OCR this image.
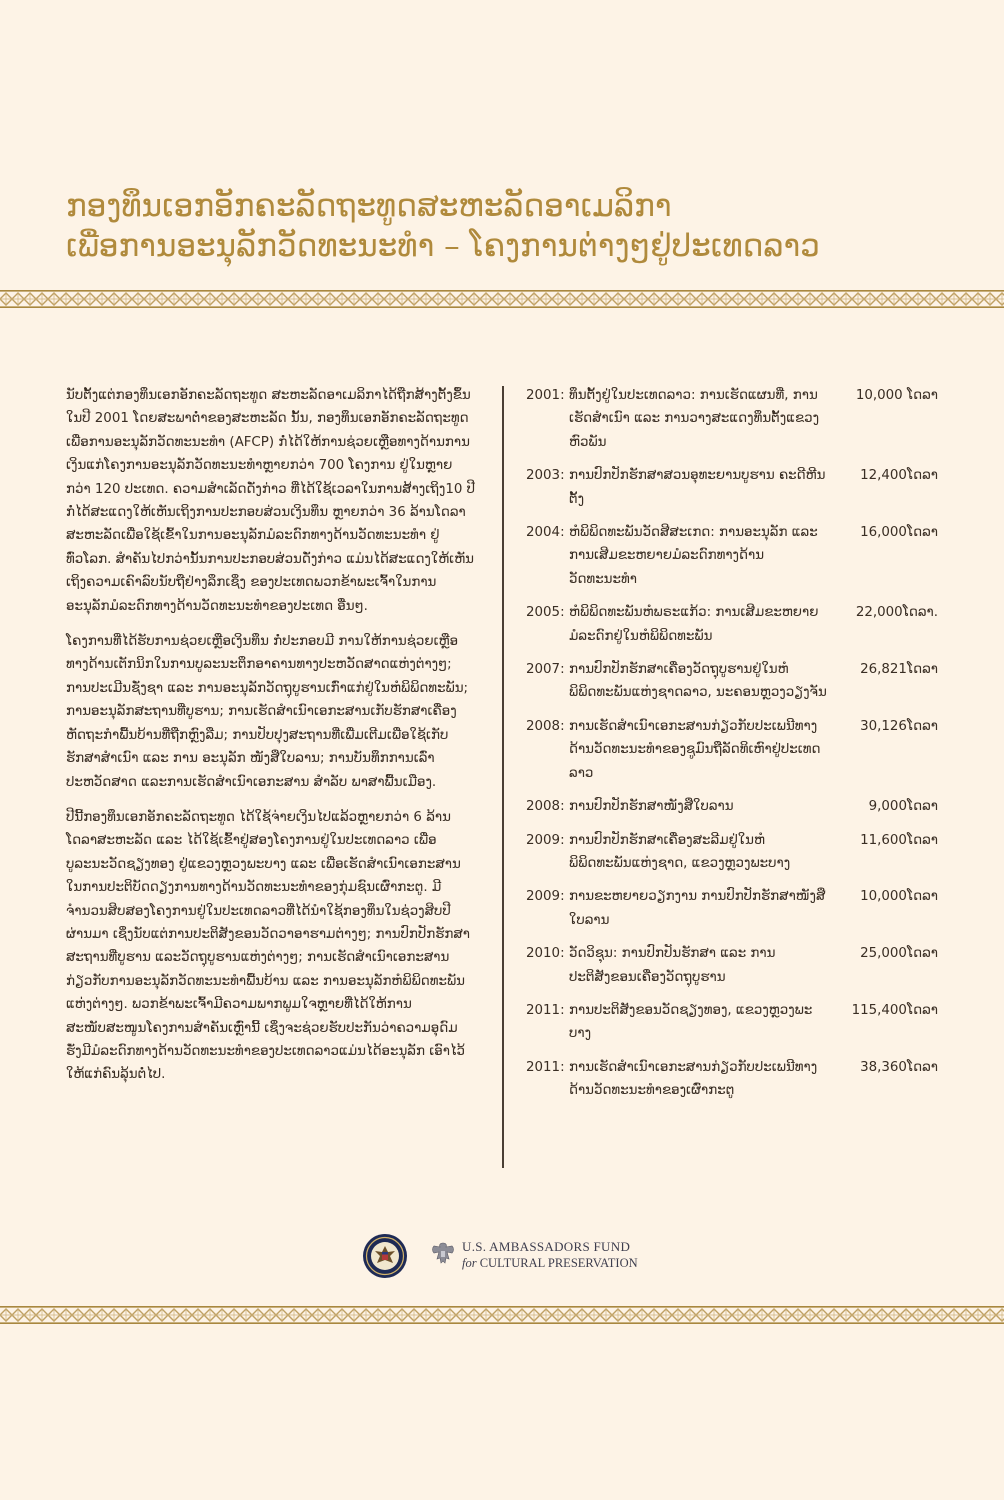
ກອງທຶນເອກອັກຄະລັດຖະທູດສະຫະລັດອາເມລິກາ
ເພື່ອການອະນຸລັກວັດທະນະທຳ – ໂຄງການຕ່າງໆຢູ່ປະເທດລາວ

ນັບຕັ້ງແຕ່ກອງທຶນເອກອັກຄະລັດຖະທູດ ສະຫະລັດອາເມລິກາໄດ້ຖືກສ້າງຕັ້ງຂຶ້ນໃນປີ 2001 ໂດຍສະພາຕ່ຳຂອງສະຫະລັດ ນັ້ນ, ກອງທຶນເອກອັກຄະລັດຖະທູດເພື່ອການອະນຸລັກວັດທະນະທຳ (AFCP) ກໍ່ໄດ້ໃຫ້ການຊ່ວຍເຫຼືອທາງດ້ານການເງິນແກ່ໂຄງການອະນຸລັກວັດທະນະທຳຫຼາຍກວ່າ 700 ໂຄງການ ຢູ່ໃນຫຼາຍກວ່າ 120 ປະເທດ. ຄວາມສຳເລັດດັ່ງກ່າວ ທີ່ໄດ້ໃຊ້ເວລາໃນການສ້າງເຖິງ10 ປີ ກໍ່ໄດ້ສະແດງໃຫ້ເຫັນເຖິງການປະກອບສ່ວນເງິນທຶນ ຫຼາຍກວ່າ 36 ລ້ານໂດລາສະຫະລັດເພື່ອໃຊ້ເຂົ້າໃນການອະນຸລັກມໍລະດົກທາງດ້ານວັດທະນະທຳ ຢູ່ທົ່ວໂລກ. ສຳຄັນໄປກວ່ານັ້ນການປະກອບສ່ວນດັ່ງກ່າວ ແມ່ນໄດ້ສະແດງໃຫ້ເຫັນເຖິງຄວາມເຄົາລົບນັບຖືຢ່າງລຶກເຊິ່ງ ຂອງປະເທດພວກຂ້າພະເຈົ້າໃນການອະນຸລັກມໍລະດົກທາງດ້ານວັດທະນະທຳຂອງປະເທດ ອື່ນໆ.

ໂຄງການທີ່ໄດ້ຮັບການຊ່ວຍເຫຼືອເງິນທຶນ ກໍ່ປະກອບມີ ການໃຫ້ການຊ່ວຍເຫຼືອທາງດ້ານເຕັກນິກໃນການບູລະນະຕຶກອາຄານທາງປະຫວັດສາດແຫ່ງຕ່າງໆ; ການປະເມີນຊັ່ງຊາ ແລະ ການອະນຸລັກວັດຖຸບູຮານເກົ່າແກ່ຢູ່ໃນຫໍພິພິດທະພັນ; ການອະນຸລັກສະຖານທີ່ບູຮານ; ການເຮັດສຳເນົາເອກະສານເກັບຮັກສາເຄື່ອງຫັດຖະກຳພື້ນບ້ານທີ່ຖືກຫຼົງລືມ; ການປັບປຸງສະຖານທີ່ເພື່ມເຕີມເພື່ອໃຊ້ເກັບຮັກສາສຳເນົາ ແລະ ການ ອະນຸລັກ ໜັງສືໃບລານ; ການບັນທຶກການເລົ່າປະຫວັດສາດ ແລະການເຮັດສຳເນົາເອກະສານ ສຳລັບ ພາສາພື້ນເມືອງ.

ປີນີ້ກອງທຶນເອກອັກຄະລັດຖະທູດ ໄດ້ໃຊ້ຈ່າຍເງິນໄປແລ້ວຫຼາຍກວ່າ 6 ລ້ານໂດລາສະຫະລັດ ແລະ ໄດ້ໃຊ້ເຂົ້າຢູ່ສອງໂຄງການຢູ່ໃນປະເທດລາວ ເພື່ອບູລະນະວັດຊຽງທອງ ຢູ່ແຂວງຫຼວງພະບາງ ແລະ ເພື່ອເຮັດສຳເນົາເອກະສານໃນການປະຕິບັດດຽງການທາງດ້ານວັດທະນະທຳຂອງກຸ່ມຊົນເຜົ່າກະຕູ. ມີຈຳນວນສິບສອງໂຄງການຢູ່ໃນປະເທດລາວທີ່ໄດ້ນຳໃຊ້ກອງທຶນໃນຊ່ວງສິບປີຜ່ານມາ ເຊິ່ງນັບແຕ່ການປະຕິສັງຂອນວັດວາອາຮາມຕ່າງໆ; ການປົກປັກຮັກສາສະຖານທີ່ບູຮານ ແລະວັດຖຸບູຮານແຫ່ງຕ່າງໆ; ການເຮັດສຳເນົາເອກະສານກ່ຽວກັບການອະນຸລັກວັດທະນະທຳພື້ນບ້ານ ແລະ ການອະນຸລັກຫໍພິພິດທະພັນແຫ່ງຕ່າງໆ. ພວກຂ້າພະເຈົ້າມີຄວາມພາກພູມໃຈຫຼາຍທີ່ໄດ້ໃຫ້ການສະໜັບສະໜູນໂຄງການສຳຄັນເຫຼົ່ານີ້ ເຊິ່ງຈະຊ່ວຍຮັບປະກັນວ່າຄວາມອຸດົມຮັ່ງມີມໍລະດົກທາງດ້ານວັດທະນະທຳຂອງປະເທດລາວແມ່ນໄດ້ອະນຸລັກ ເອົາໄວ້ໃຫ້ແກ່ຄົນລຸ້ນຕໍ່ໄປ.

2001: ທຶນຕັ້ງຢູ່ໃນປະເທດລາວ: ການເຮັດແຜນທີ່, ການເຮັດສຳເນົາ ແລະ ການວາງສະແດງທຶນຕັ້ງແຂວງຫົວພັນ
10,000 ໂດລາ
2003: ການປົກປັກຮັກສາສວນອຸທະຍານບູຮານ ຄະດີຫີນຕັ້ງ
12,400ໂດລາ
2004: ຫໍພິພິດທະພັນວັດສີສະເກດ: ການອະນຸລັກ ແລະ ການເສີມຂະຫຍາຍມໍລະດົກທາງດ້ານວັດທະນະທຳ
16,000ໂດລາ
2005: ຫໍພິພິດທະພັນຫໍພຣະແກ້ວ: ການເສີມຂະຫຍາຍມໍລະດົກຢູ່ໃນຫໍພິພິດທະພັນ
22,000ໂດລາ.
2007: ການປົກປັກຮັກສາເຄື່ອງວັດຖຸບູຮານຢູ່ໃນຫໍພິພິດທະພັນແຫ່ງຊາດລາວ, ນະຄອນຫຼວງວຽງຈັນ
26,821ໂດລາ
2008: ການເຮັດສຳເນົາເອກະສານກ່ຽວກັບປະເພນີທາງດ້ານວັດທະນະທຳຂອງຊູມົນຖືລັດທິເຫົາຢູ່ປະເທດລາວ
30,126ໂດລາ
2008: ການປົກປັກຮັກສາໜັງສືໃບລານ	9,000ໂດລາ
2009: ການປົກປັກຮັກສາເຄື່ອງສະລີມຢູ່ໃນຫໍພິພິດທະພັນແຫ່ງຊາດ, ແຂວງຫຼວງພະບາງ
11,600ໂດລາ
2009: ການຂະຫຍາຍວຽກງານ ການປົກປັກຮັກສາໜັງສືໃບລານ
10,000ໂດລາ
2010: ວັດວິຊຸນ: ການປົກປັນຮັກສາ ແລະ ການປະຕິສັງຂອນເຄື່ອງວັດຖຸບູຮານ
25,000ໂດລາ
2011: ການປະຕິສັງຂອນວັດຊຽງທອງ, ແຂວງຫຼວງພະບາງ
115,400ໂດລາ
2011: ການເຮັດສຳເນົາເອກະສານກ່ຽວກັບປະເພນີທາງດ້ານວັດທະນະທຳຂອງເຜົ່າກະຕູ
38,360ໂດລາ
U.S. AMBASSADORS FUND
for CULTURAL PRESERVATION
